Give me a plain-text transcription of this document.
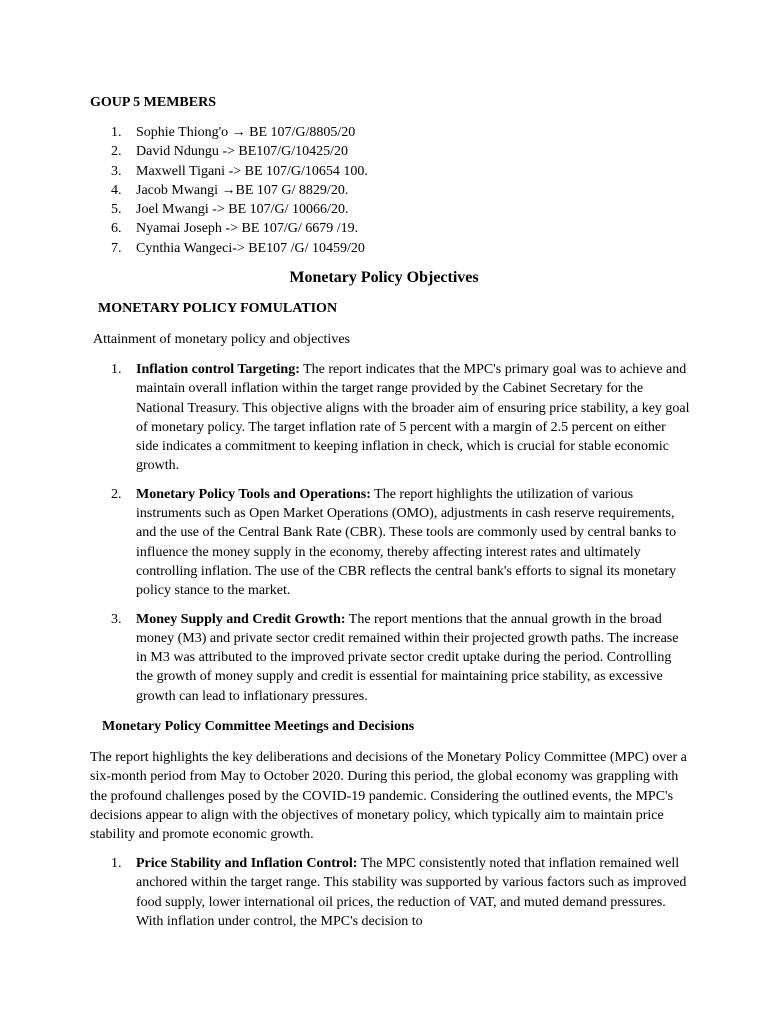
GOUP 5 MEMBERS
1. Sophie Thiong'o → BE 107/G/8805/20
2. David Ndungu -> BE107/G/10425/20
3. Maxwell Tigani -> BE 107/G/10654 100.
4. Jacob Mwangi →BE 107 G/ 8829/20.
5. Joel Mwangi -> BE 107/G/ 10066/20.
6. Nyamai Joseph -> BE 107/G/ 6679 /19.
7. Cynthia Wangeci-> BE107 /G/ 10459/20
Monetary Policy Objectives
MONETARY POLICY FOMULATION
Attainment of monetary policy and objectives
1. Inflation control Targeting: The report indicates that the MPC's primary goal was to achieve and maintain overall inflation within the target range provided by the Cabinet Secretary for the National Treasury. This objective aligns with the broader aim of ensuring price stability, a key goal of monetary policy. The target inflation rate of 5 percent with a margin of 2.5 percent on either side indicates a commitment to keeping inflation in check, which is crucial for stable economic growth.
2. Monetary Policy Tools and Operations: The report highlights the utilization of various instruments such as Open Market Operations (OMO), adjustments in cash reserve requirements, and the use of the Central Bank Rate (CBR). These tools are commonly used by central banks to influence the money supply in the economy, thereby affecting interest rates and ultimately controlling inflation. The use of the CBR reflects the central bank's efforts to signal its monetary policy stance to the market.
3. Money Supply and Credit Growth: The report mentions that the annual growth in the broad money (M3) and private sector credit remained within their projected growth paths. The increase in M3 was attributed to the improved private sector credit uptake during the period. Controlling the growth of money supply and credit is essential for maintaining price stability, as excessive growth can lead to inflationary pressures.
Monetary Policy Committee Meetings and Decisions

The report highlights the key deliberations and decisions of the Monetary Policy Committee (MPC) over a six-month period from May to October 2020. During this period, the global economy was grappling with the profound challenges posed by the COVID-19 pandemic. Considering the outlined events, the MPC's decisions appear to align with the objectives of monetary policy, which typically aim to maintain price stability and promote economic growth.

1. Price Stability and Inflation Control: The MPC consistently noted that inflation remained well anchored within the target range. This stability was supported by various factors such as improved food supply, lower international oil prices, the reduction of VAT, and muted demand pressures. With inflation under control, the MPC's decision to
